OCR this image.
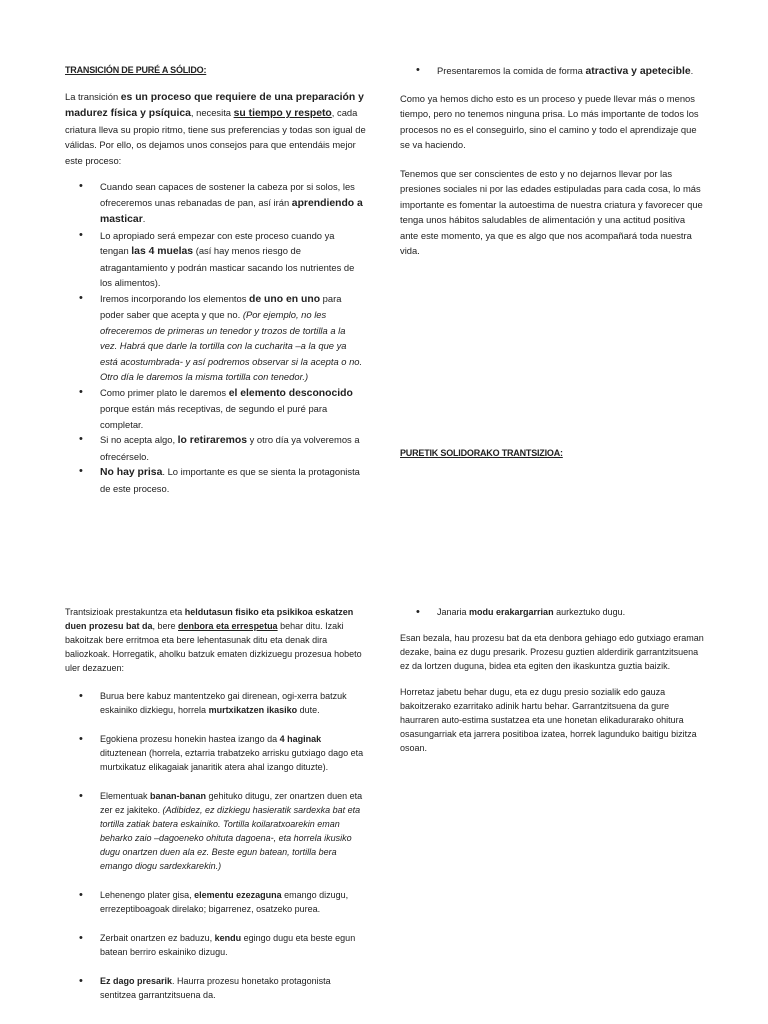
TRANSICIÓN DE PURÉ A SÓLIDO:

La transición es un proceso que requiere de una preparación y madurez física y psíquica, necesita su tiempo y respeto, cada criatura lleva su propio ritmo, tiene sus preferencias y todas son igual de válidas. Por ello, os dejamos unos consejos para que entendáis mejor este proceso:

• Cuando sean capaces de sostener la cabeza por si solos, les ofreceremos unas rebanadas de pan, así irán aprendiendo a masticar.
• Lo apropiado será empezar con este proceso cuando ya tengan las 4 muelas (así hay menos riesgo de atragantamiento y podrán masticar sacando los nutrientes de los alimentos).
• Iremos incorporando los elementos de uno en uno para poder saber que acepta y que no. (Por ejemplo, no les ofreceremos de primeras un tenedor y trozos de tortilla a la vez. Habrá que darle la tortilla con la cucharita –a la que ya está acostumbrada- y así podremos observar si la acepta o no. Otro día le daremos la misma tortilla con tenedor.)
• Como primer plato le daremos el elemento desconocido porque están más receptivas, de segundo el puré para completar.
• Si no acepta algo, lo retiraremos y otro día ya volveremos a ofrecérselo.
• No hay prisa. Lo importante es que se sienta la protagonista de este proceso.
• Presentaremos la comida de forma atractiva y apetecible.

Como ya hemos dicho esto es un proceso y puede llevar más o menos tiempo, pero no tenemos ninguna prisa. Lo más importante de todos los procesos no es el conseguirlo, sino el camino y todo el aprendizaje que se va haciendo.

Tenemos que ser conscientes de esto y no dejarnos llevar por las presiones sociales ni por las edades estipuladas para cada cosa, lo más importante es fomentar la autoestima de nuestra criatura y favorecer que tenga unos hábitos saludables de alimentación y una actitud positiva ante este momento, ya que es algo que nos acompañará toda nuestra vida.

PURETIK SOLIDORAKO TRANTSIZIOA:

Trantsizioak prestakuntza eta heldutasun fisiko eta psikikoa eskatzen duen prozesu bat da, bere denbora eta errespetua behar ditu. Izaki bakoitzak bere erritmoa eta bere lehentasunak ditu eta denak dira baliozkoak. Horregatik, aholku batzuk ematen dizkizuegu prozesua hobeto uler dezazuen:

• Burua bere kabuz mantentzeko gai direnean, ogi-xerra batzuk eskainiko dizkiegu, horrela murtxikatzen ikasiko dute.
• Egokiena prozesu honekin hastea izango da 4 haginak dituztenean (horrela, eztarria trabatzeko arrisku gutxiago dago eta murtxikatuz elikagaiak janaritik atera ahal izango dituzte).
• Elementuak banan-banan gehituko ditugu, zer onartzen duen eta zer ez jakiteko. (Adibidez, ez dizkiegu hasieratik sardexka bat eta tortilla zatiak batera eskainiko. Tortilla koilaratxoarekin eman beharko zaio –dagoeneko ohituta dagoena-, eta horrela ikusiko dugu onartzen duen ala ez. Beste egun batean, tortilla bera emango diogu sardexkarekin.)
• Lehenengo plater gisa, elementu ezezaguna emango dizugu, errezeptiboagoak direlako; bigarrenez, osatzeko purea.
• Zerbait onartzen ez baduzu, kendu egingo dugu eta beste egun batean berriro eskainiko dizugu.
• Ez dago presarik. Haurra prozesu honetako protagonista sentitzea garrantzitsuena da.
• Janaria modu erakargarrian aurkeztuko dugu.

Esan bezala, hau prozesu bat da eta denbora gehiago edo gutxiago eraman dezake, baina ez dugu presarik. Prozesu guztien alderdirik garrantzitsuena ez da lortzen duguna, bidea eta egiten den ikaskuntza guztia baizik.

Horretaz jabetu behar dugu, eta ez dugu presio sozialik edo gauza bakoitzerako ezarritako adinik hartu behar. Garrantzitsuena da gure haurraren auto-estima sustatzea eta une honetan elikadurarako ohitura osasungarriak eta jarrera positiboa izatea, horrek lagunduko baitigu bizitza osoan.
